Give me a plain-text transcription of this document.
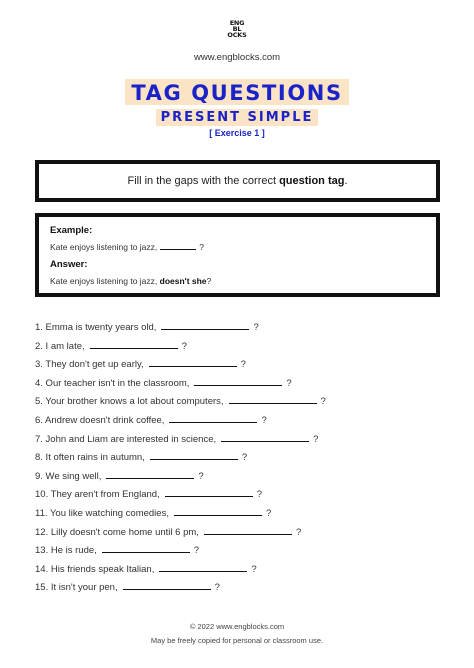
ENG
BL
OCKS
www.engblocks.com
TAG QUESTIONS
PRESENT SIMPLE
[ Exercise 1 ]
Fill in the gaps with the correct question tag .
Example:
Kate enjoys listening to jazz,	?
Answer:
Kate enjoys listening to jazz, doesn't she?
1. Emma is twenty years old,	?
2. I am late,	?
3. They don't get up early,	?
4. Our teacher isn't in the classroom,	?
5. Your brother knows a lot about computers,	?
6. Andrew doesn't drink coffee,	?
7. John and Liam are interested in science,	?
8. It often rains in autumn,	?
9. We sing well,	?
10. They aren't from England,	?
11. You like watching comedies,	?
12. Lilly doesn't come home until 6 pm,	?
13. He is rude,	?
14. His friends speak Italian,	?
15. It isn't your pen,	?
© 2022 www.engblocks.com
May be freely copied for personal or classroom use.
